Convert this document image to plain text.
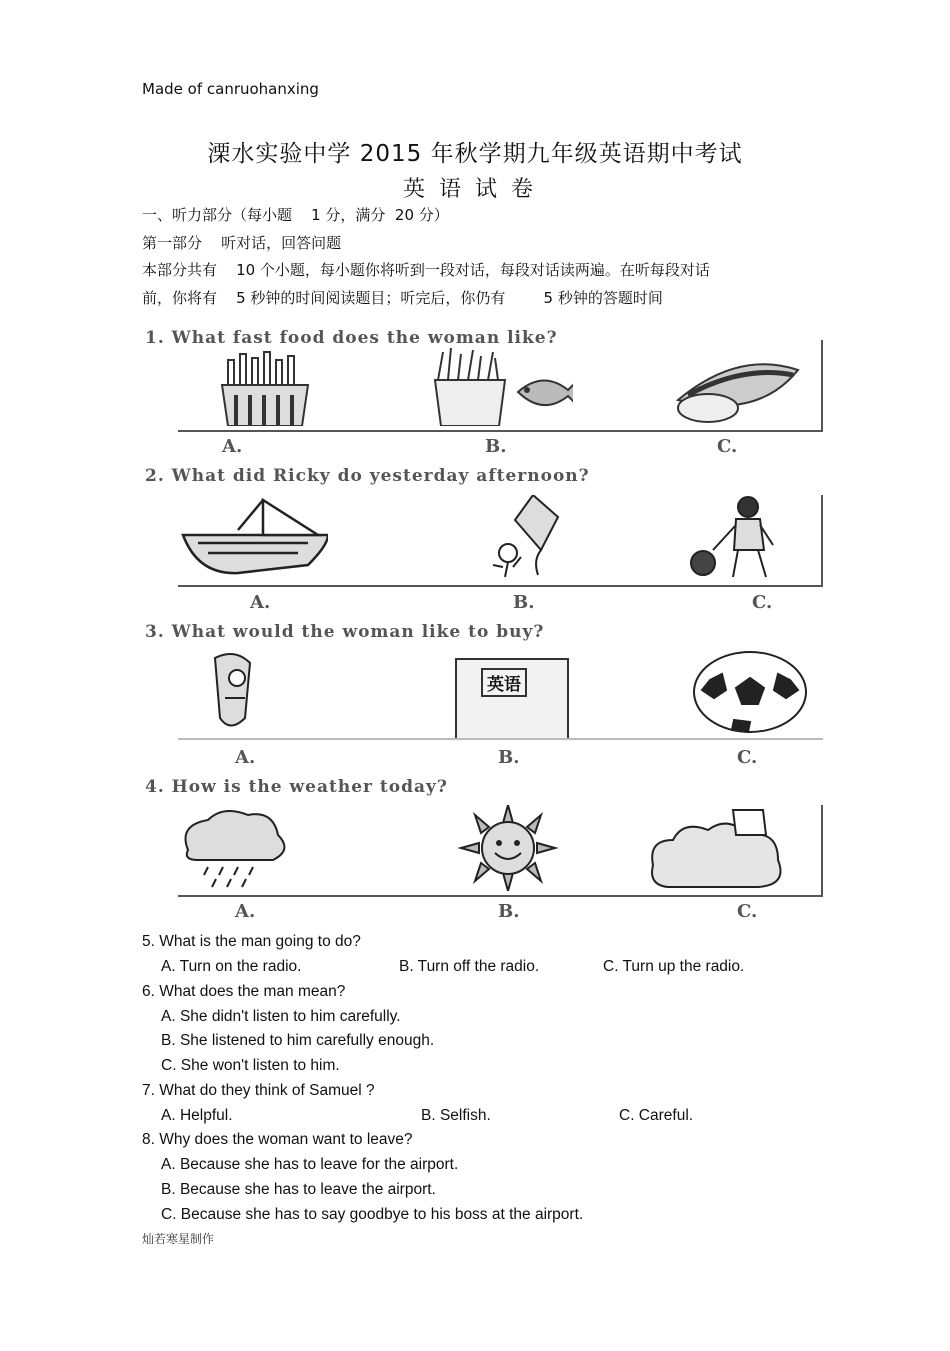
Made of canruohanxing
溧水实验中学 2015 年秋学期九年级英语期中考试
英语试卷
一、听力部分（每小题    1 分，满分  20 分）
第一部分    听对话，回答问题
本部分共有    10 个小题，每小题你将听到一段对话，每段对话读两遍。在听每段对话
前，你将有    5 秒钟的时间阅读题目；听完后，你仍有        5 秒钟的答题时间
1. What fast food does the woman like?
A.	B.	C.
2. What did Ricky do yesterday afternoon?
A.	B.	C.
3. What would the woman like to buy?
英语
A.	B.	C.
4. How is the weather today?
A.	B.	C.
5. What is the man going to do?
A. Turn on the radio.	B. Turn off the radio.	C. Turn up the radio.
6. What does the man mean?
A. She didn't listen to him carefully.
B. She listened to him carefully enough.
C. She won't listen to him.
7. What do they think of Samuel ?
A. Helpful.	B. Selfish.	C. Careful.
8. Why does the woman want to leave?
A. Because she has to leave for the airport.
B. Because she has to leave the airport.
C. Because she has to say goodbye to his boss at the airport.
灿若寒星制作
